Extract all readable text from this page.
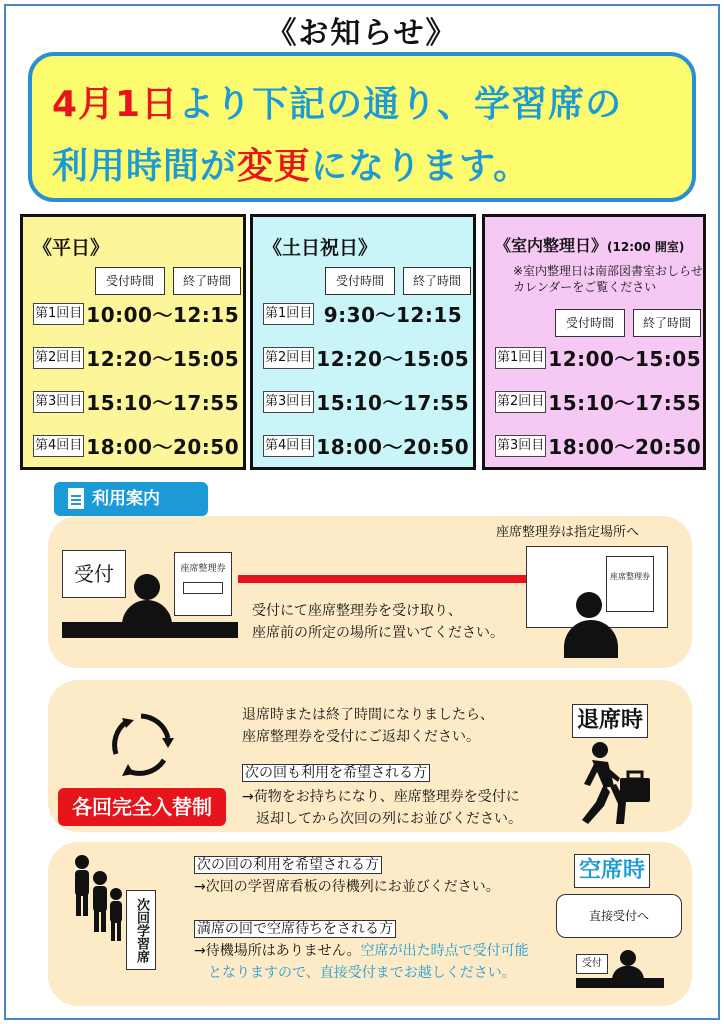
《お知らせ》
4月1日より下記の通り、学習席の
利用時間が変更になります。
《平日》
受付時間	終了時間
第1回目 10:00～12:15
第2回目 12:20～15:05
第3回目 15:10～17:55
第4回目 18:00～20:50
《土日祝日》
受付時間	終了時間
第1回目 9:30～12:15
第2回目 12:20～15:05
第3回目 15:10～17:55
第4回目 18:00～20:50
《室内整理日》(12:00 開室)
※室内整理日は南部図書室おしらせカレンダーをご覧ください
受付時間	終了時間
第1回目 12:00～15:05
第2回目 15:10～17:55
第3回目 18:00～20:50
利用案内
受付	座席整理券
受付にて座席整理券を受け取り、
座席前の所定の場所に置いてください。
座席整理券は指定場所へ
座席整理券
各回完全入替制
退席時または終了時間になりましたら、
座席整理券を受付にご返却ください。
次の回も利用を希望される方
→荷物をお持ちになり、座席整理券を受付に
返却してから次回の列にお並びください。
退席時
次回学習席
次の回の利用を希望される方
→次回の学習席看板の待機列にお並びください。
満席の回で空席待ちをされる方
→待機場所はありません。空席が出た時点で受付可能
となりますので、直接受付までお越しください。
空席時
直接受付へ
受付
